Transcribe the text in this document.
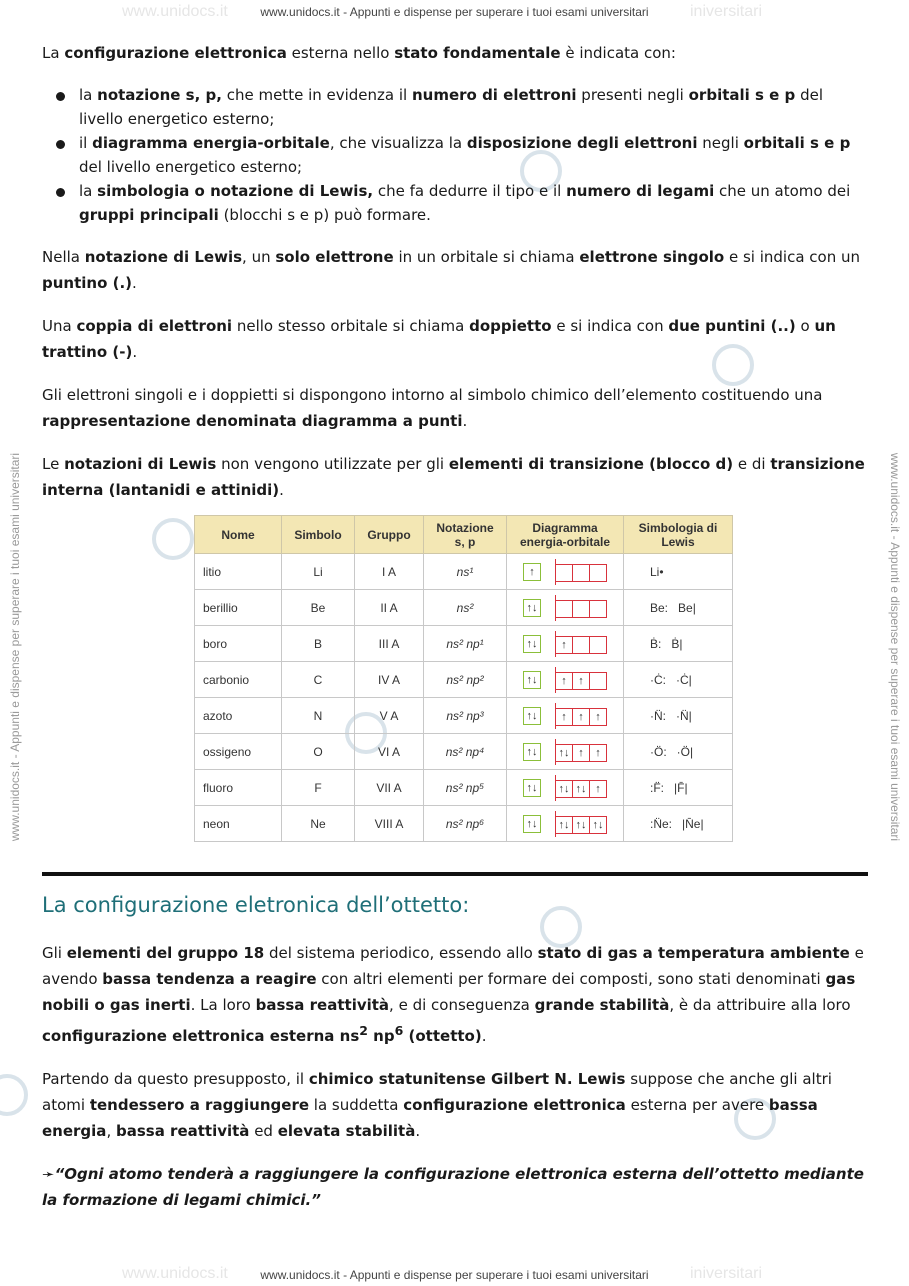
www.unidocs.it	iniversitari
www.unidocs.it - Appunti e dispense per superare i tuoi esami universitari
www.unidocs.it	iniversitari
www.unidocs.it - Appunti e dispense per superare i tuoi esami universitari
www.unidocs.it - Appunti e dispense per superare i tuoi esami universitari	www.unidocs.it - Appunti e dispense per superare i tuoi esami universitari

La configurazione elettronica esterna nello stato fondamentale è indicata con:

la notazione s, p, che mette in evidenza il numero di elettroni presenti negli orbitali s e p del livello energetico esterno;
il diagramma energia-orbitale, che visualizza la disposizione degli elettroni negli orbitali s e p del livello energetico esterno;
la simbologia o notazione di Lewis, che fa dedurre il tipo e il numero di legami che un atomo dei gruppi principali (blocchi s e p) può formare.

Nella notazione di Lewis, un solo elettrone in un orbitale si chiama elettrone singolo e si indica con un puntino (.).

Una coppia di elettroni nello stesso orbitale si chiama doppietto e si indica con due puntini (..) o un trattino (-).

Gli elettroni singoli e i doppietti si dispongono intorno al simbolo chimico dell’elemento costituendo una rappresentazione denominata diagramma a punti.

Le notazioni di Lewis non vengono utilizzate per gli elementi di transizione (blocco d) e di transizione interna (lantanidi e attinidi).

Nome	Simbolo	Gruppo	Notazione s, p	Diagramma energia-orbitale	Simbologia di Lewis
litio	Li	I A	ns¹	↑	Li•
berillio	Be	II A	ns²	↑↓	Be:   Be|
boro	B	III A	ns² np¹	↑↓ ↑	Ḃ:   Ḃ|
carbonio	C	IV A	ns² np²	↑↓ ↑ ↑	·Ċ:   ·Ċ|
azoto	N	V A	ns² np³	↑↓ ↑ ↑ ↑	·N̈:   ·N̈|
ossigeno	O	VI A	ns² np⁴	↑↓ ↑↓ ↑ ↑	·Ö:   ·Ö|
fluoro	F	VII A	ns² np⁵	↑↓ ↑↓ ↑↓ ↑	:F̈:   |F̄|
neon	Ne	VIII A	ns² np⁶	↑↓ ↑↓ ↑↓ ↑↓	:N̈e:   |N̄e|
La configurazione eletronica dell’ottetto:

Gli elementi del gruppo 18 del sistema periodico, essendo allo stato di gas a temperatura ambiente e avendo bassa tendenza a reagire con altri elementi per formare dei composti, sono stati denominati gas nobili o gas inerti. La loro bassa reattività, e di conseguenza grande stabilità, è da attribuire alla loro configurazione elettronica esterna $ns^2$ $np^6$ (ottetto).

Partendo da questo presupposto, il chimico statunitense Gilbert N. Lewis suppose che anche gli altri atomi tendessero a raggiungere la suddetta configurazione elettronica esterna per avere bassa energia, bassa reattività ed elevata stabilità.

➛“Ogni atomo tenderà a raggiungere la configurazione elettronica esterna dell’ottetto mediante la formazione di legami chimici.”
